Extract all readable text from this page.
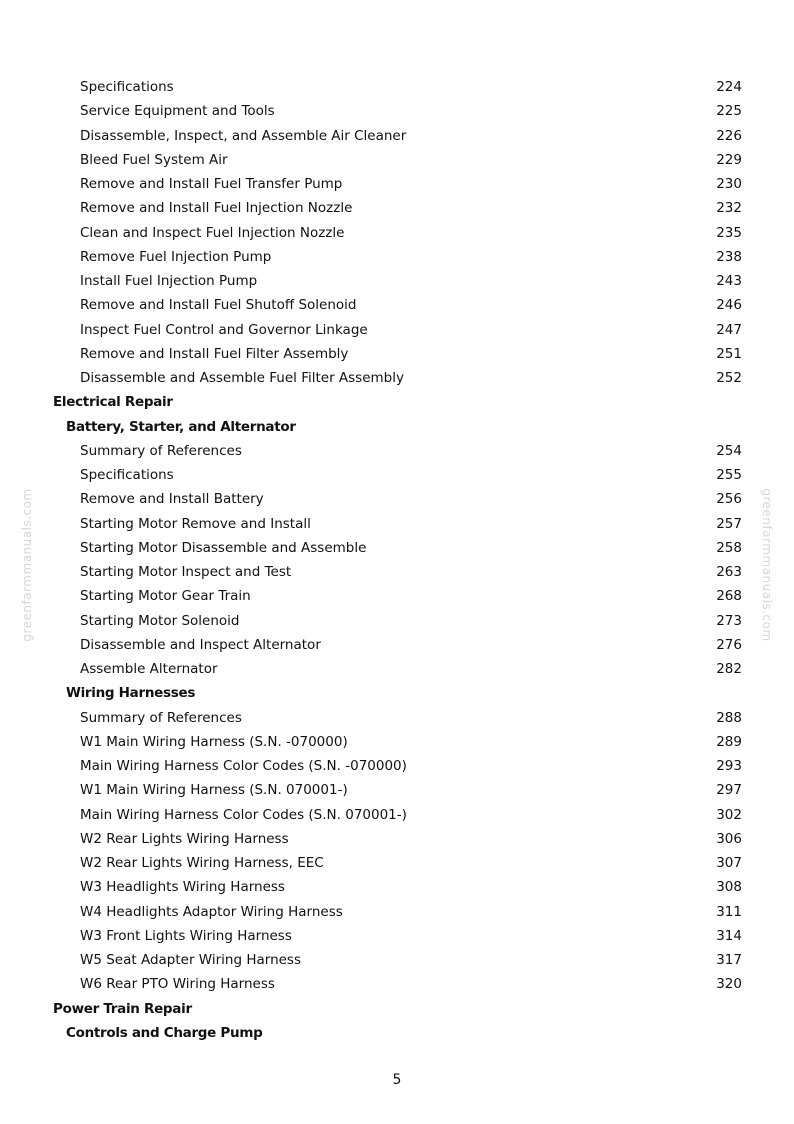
Specifications	224
Service Equipment and Tools	225
Disassemble, Inspect, and Assemble Air Cleaner	226
Bleed Fuel System Air	229
Remove and Install Fuel Transfer Pump	230
Remove and Install Fuel Injection Nozzle	232
Clean and Inspect Fuel Injection Nozzle	235
Remove Fuel Injection Pump	238
Install Fuel Injection Pump	243
Remove and Install Fuel Shutoff Solenoid	246
Inspect Fuel Control and Governor Linkage	247
Remove and Install Fuel Filter Assembly	251
Disassemble and Assemble Fuel Filter Assembly	252
Electrical Repair
Battery, Starter, and Alternator
Summary of References	254
Specifications	255
Remove and Install Battery	256
Starting Motor Remove and Install	257
Starting Motor Disassemble and Assemble	258
Starting Motor Inspect and Test	263
Starting Motor Gear Train	268
Starting Motor Solenoid	273
Disassemble and Inspect Alternator	276
Assemble Alternator	282
Wiring Harnesses
Summary of References	288
W1 Main Wiring Harness (S.N. -070000)	289
Main Wiring Harness Color Codes (S.N. -070000)	293
W1 Main Wiring Harness (S.N. 070001-)	297
Main Wiring Harness Color Codes (S.N. 070001-)	302
W2 Rear Lights Wiring Harness	306
W2 Rear Lights Wiring Harness, EEC	307
W3 Headlights Wiring Harness	308
W4 Headlights Adaptor Wiring Harness	311
W3 Front Lights Wiring Harness	314
W5 Seat Adapter Wiring Harness	317
W6 Rear PTO Wiring Harness	320
Power Train Repair
Controls and Charge Pump
greenfarmmanuals.com	greenfarmmanuals.com
5
